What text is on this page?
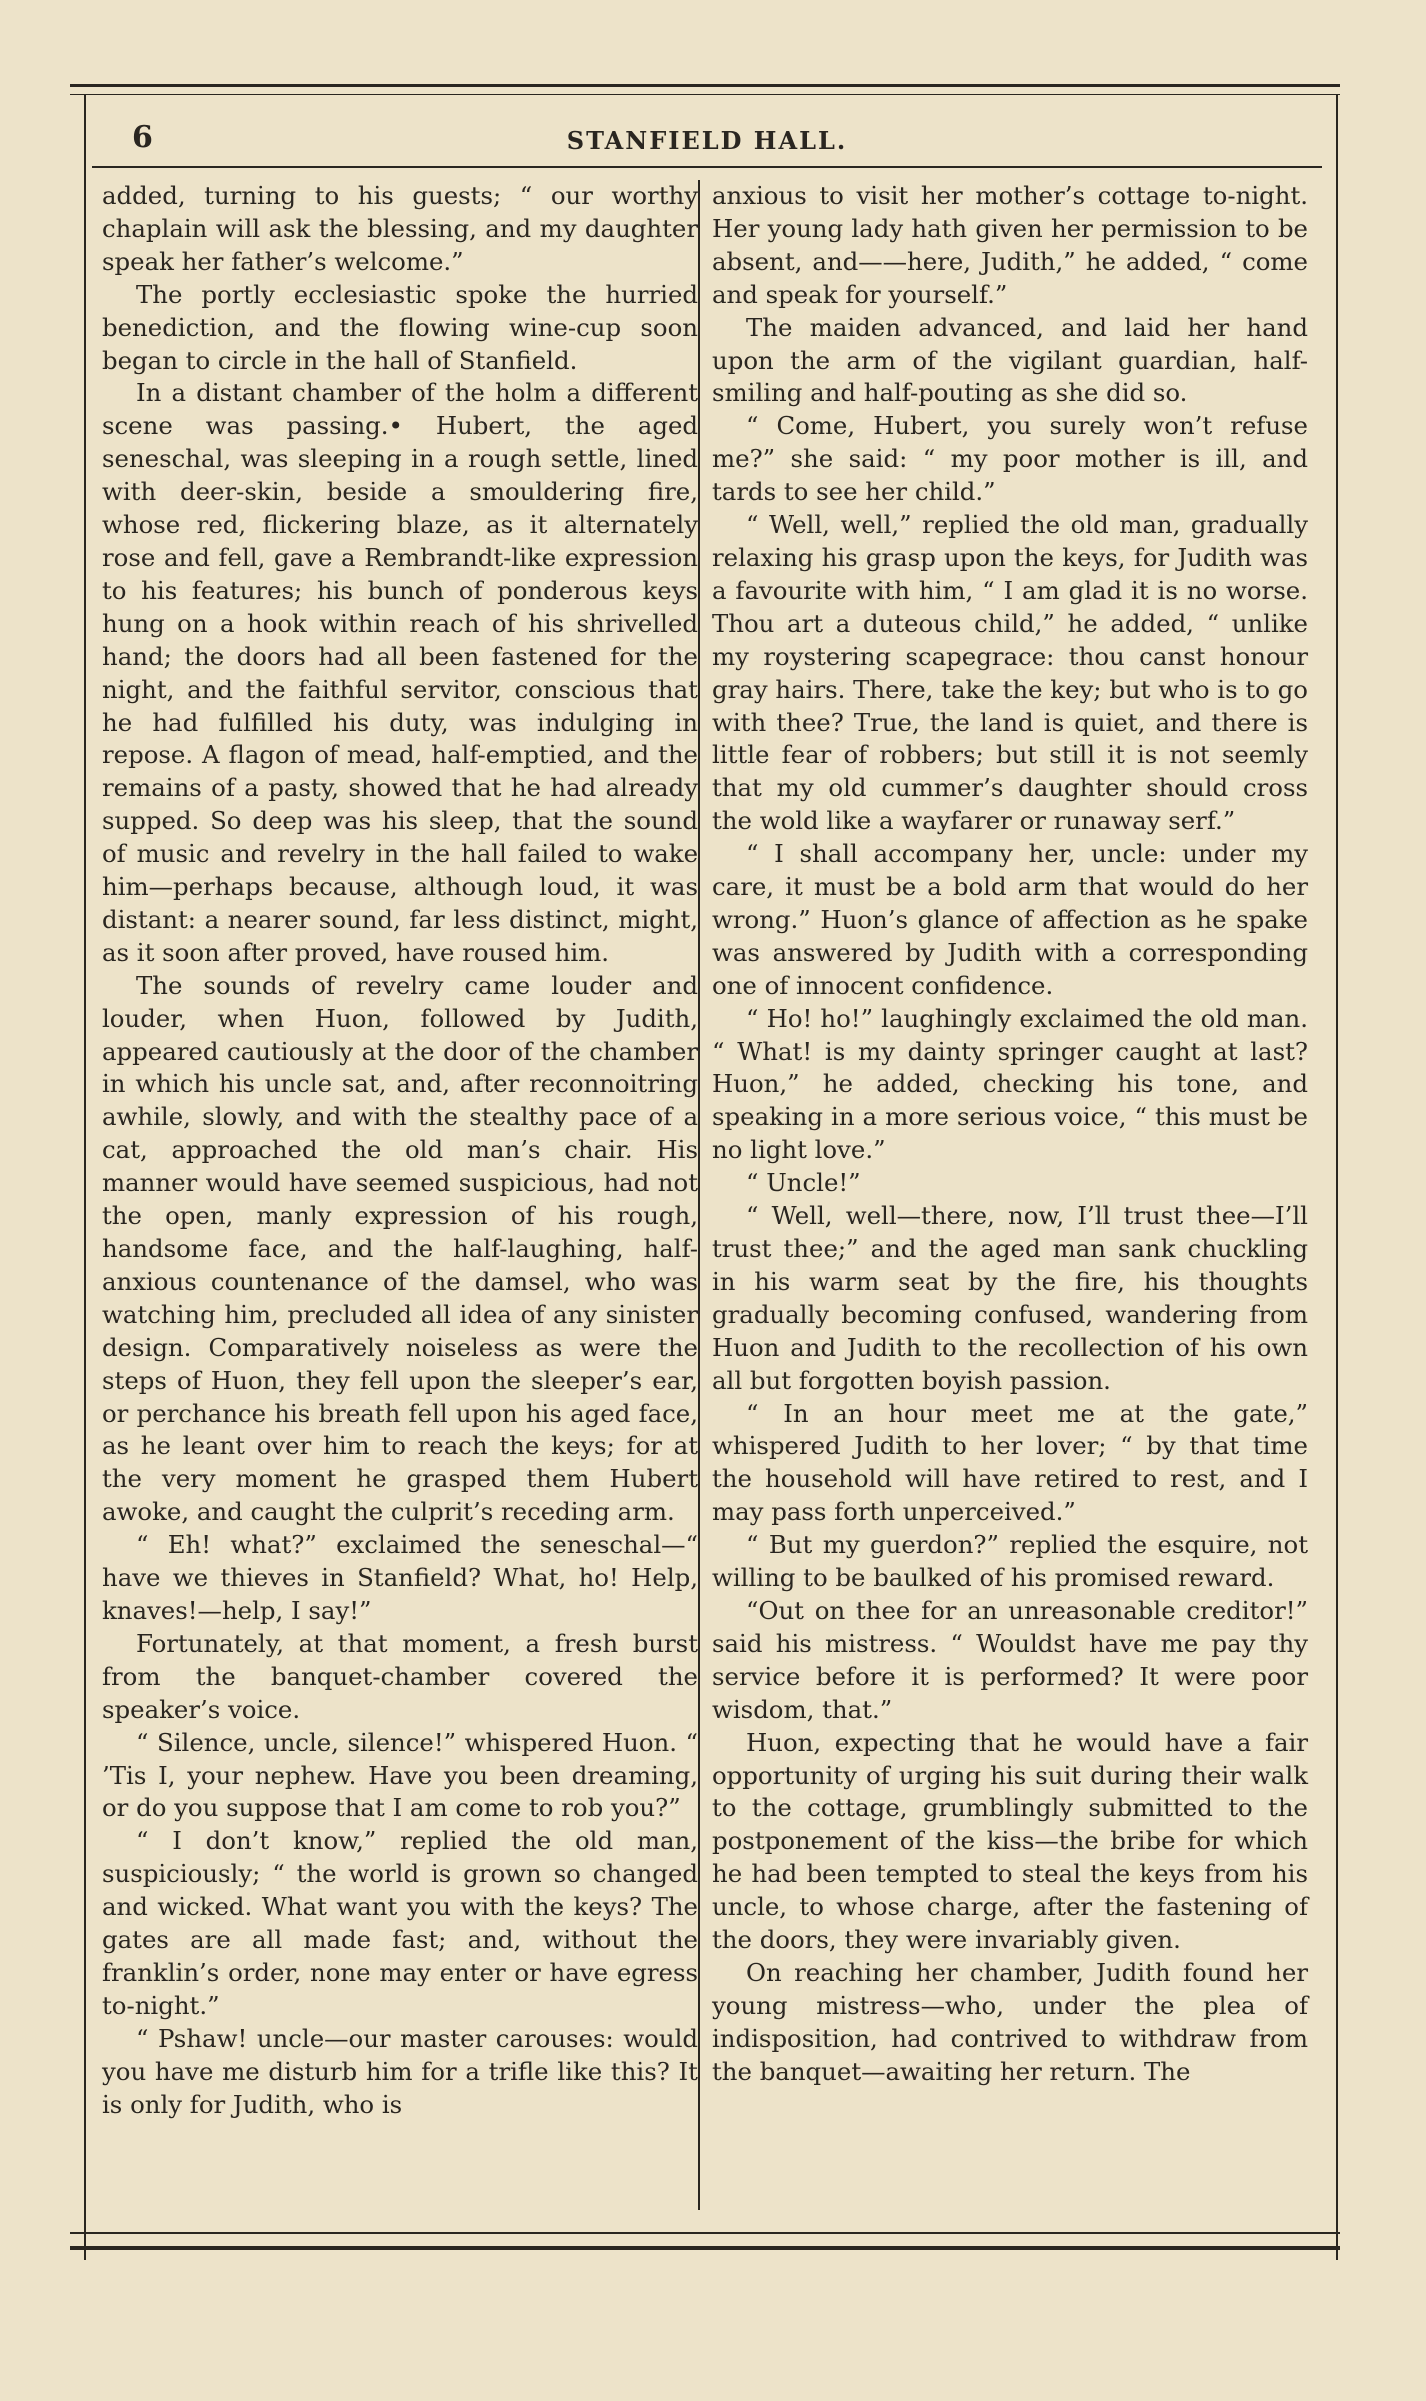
6	STANFIELD HALL.

added, turning to his guests; “ our worthy chaplain will ask the blessing, and my daughter speak her father’s welcome.”

The portly ecclesiastic spoke the hurried benediction, and the flowing wine-cup soon began to circle in the hall of Stanfield.

In a distant chamber of the holm a different scene was passing.• Hubert, the aged seneschal, was sleeping in a rough settle, lined with deer-skin, beside a smouldering fire, whose red, flickering blaze, as it alternately rose and fell, gave a Rembrandt-like expression to his features; his bunch of ponderous keys hung on a hook within reach of his shrivelled hand; the doors had all been fastened for the night, and the faithful servitor, conscious that he had fulfilled his duty, was indulging in repose. A flagon of mead, half-emptied, and the remains of a pasty, showed that he had already supped. So deep was his sleep, that the sound of music and revelry in the hall failed to wake him—perhaps because, although loud, it was distant: a nearer sound, far less distinct, might, as it soon after proved, have roused him.

The sounds of revelry came louder and louder, when Huon, followed by Judith, appeared cautiously at the door of the chamber in which his uncle sat, and, after reconnoitring awhile, slowly, and with the stealthy pace of a cat, approached the old man’s chair. His manner would have seemed suspicious, had not the open, manly expression of his rough, handsome face, and the half-laughing, half-anxious countenance of the damsel, who was watching him, precluded all idea of any sinister design. Comparatively noiseless as were the steps of Huon, they fell upon the sleeper’s ear, or perchance his breath fell upon his aged face, as he leant over him to reach the keys; for at the very moment he grasped them Hubert awoke, and caught the culprit’s receding arm.

“ Eh! what?” exclaimed the seneschal—“ have we thieves in Stanfield? What, ho! Help, knaves!—help, I say!”

Fortunately, at that moment, a fresh burst from the banquet-chamber covered the speaker’s voice.

“ Silence, uncle, silence!” whispered Huon. “ ’Tis I, your nephew. Have you been dreaming, or do you suppose that I am come to rob you?”

“ I don’t know,” replied the old man, suspiciously; “ the world is grown so changed and wicked. What want you with the keys? The gates are all made fast; and, without the franklin’s order, none may enter or have egress to-night.”

“ Pshaw! uncle—our master carouses: would you have me disturb him for a trifle like this? It is only for Judith, who is

anxious to visit her mother’s cottage to-night. Her young lady hath given her permission to be absent, and——here, Judith,” he added, “ come and speak for yourself.”

The maiden advanced, and laid her hand upon the arm of the vigilant guardian, half-smiling and half-pouting as she did so.

“ Come, Hubert, you surely won’t refuse me?” she said: “ my poor mother is ill, and tards to see her child.”

“ Well, well,” replied the old man, gradually relaxing his grasp upon the keys, for Judith was a favourite with him, “ I am glad it is no worse. Thou art a duteous child,” he added, “ unlike my roystering scapegrace: thou canst honour gray hairs. There, take the key; but who is to go with thee? True, the land is quiet, and there is little fear of robbers; but still it is not seemly that my old cummer’s daughter should cross the wold like a wayfarer or runaway serf.”

“ I shall accompany her, uncle: under my care, it must be a bold arm that would do her wrong.” Huon’s glance of affection as he spake was answered by Judith with a corresponding one of innocent confidence.

“ Ho! ho!” laughingly exclaimed the old man. “ What! is my dainty springer caught at last? Huon,” he added, checking his tone, and speaking in a more serious voice, “ this must be no light love.”

“ Uncle!”

“ Well, well—there, now, I’ll trust thee—I’ll trust thee;” and the aged man sank chuckling in his warm seat by the fire, his thoughts gradually becoming confused, wandering from Huon and Judith to the recollection of his own all but forgotten boyish passion.

“ In an hour meet me at the gate,” whispered Judith to her lover; “ by that time the household will have retired to rest, and I may pass forth unperceived.”

“ But my guerdon?” replied the esquire, not willing to be baulked of his promised reward.

“Out on thee for an unreasonable creditor!” said his mistress. “ Wouldst have me pay thy service before it is performed? It were poor wisdom, that.”

Huon, expecting that he would have a fair opportunity of urging his suit during their walk to the cottage, grumblingly submitted to the postponement of the kiss—the bribe for which he had been tempted to steal the keys from his uncle, to whose charge, after the fastening of the doors, they were invariably given.

On reaching her chamber, Judith found her young mistress—who, under the plea of indisposition, had contrived to withdraw from the banquet—awaiting her return. The
